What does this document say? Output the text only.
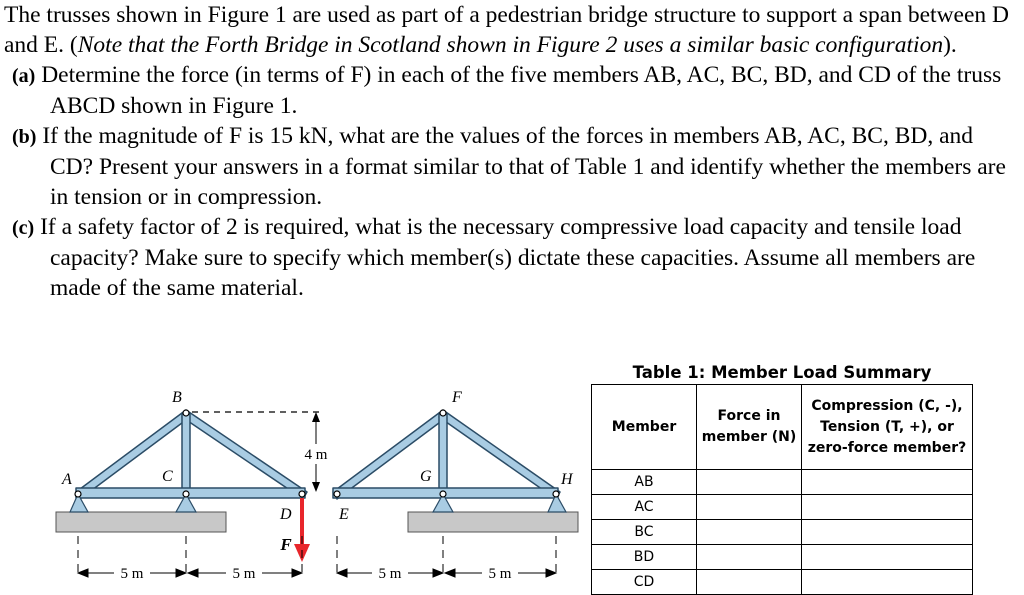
The trusses shown in Figure 1 are used as part of a pedestrian bridge structure to support a span between D and E. (Note that the Forth Bridge in Scotland shown in Figure 2 uses a similar basic configuration).

(a) Determine the force (in terms of F) in each of the five members AB, AC, BC, BD, and CD of the truss ABCD shown in Figure 1.

(b) If the magnitude of F is 15 kN, what are the values of the forces in members AB, AC, BC, BD, and CD? Present your answers in a format similar to that of Table 1 and identify whether the members are in tension or in compression.

(c) If a safety factor of 2 is required, what is the necessary compressive load capacity and tensile load capacity? Make sure to specify which member(s) dictate these capacities. Assume all members are made of the same material.

4 m
F
A
B
C
D	E
F
G	H
5 m	5 m	5 m	5 m
Table 1: Member Load Summary
Member	Force in member (N)	Compression (C, -), Tension (T, +), or zero-force member?
AB		
AC		
BC		
BD		
CD		
